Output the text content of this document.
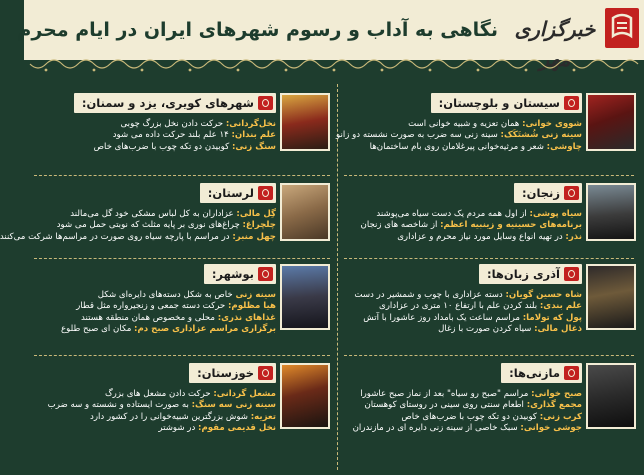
خبرگزاری مهر
نگاهی به آداب و رسوم شهرهای ایران در ایام محرم
سیستان و بلوچستان:
شووی خوانی: همان تعزیه و شبیه خوانی است
سینه زنی شُشتَکَک: سینه زنی سه ضرب به صورت نشسته دو زانو
چاوشی: شعر و مرثیه‌خوانی پیرغلامان روی بام ساختمان‌ها
شهرهای کویری، یزد و سمنان:
نخل‌گردانی: حرکت دادن نخل بزرگ چوبی
علم بندان: ۱۴ علم بلند حرکت داده می شود
سنگ زنی: کوبیدن دو تکه چوب با ضرب‌های خاص
زنجان:
سیاه پوشی: از اول همه مردم یک دست سیاه می‌پوشند
برنامه‌های حسینیه و زینبیه اعظم: از شاخصه های زنجان
نذر: در تهیه انواع وسایل مورد نیاز محرم و عزاداری
لرستان:
گِل مالی: عزاداران به کل لباس مشکی خود گل می‌مالند
چلچراغ: چراغ‌های نوری بر پایه مثلث که نوبتی حمل می شود
چهل منبر: در مراسم با پارچه سیاه روی صورت در مراسم‌ها شرکت می‌کنند
آذری زبان‌ها:
شاه حسین گویان: دسته عزاداری با چوب و شمشیر در دست
علم بندی: بلند کردن علم با ارتفاع ۱۰ متری در عزاداری
پول که تولاما: مراسم ساعت یک بامداد روز عاشورا با آتش
ذغال مالی: سیاه کردن صورت با زغال
بوشهر:
سینه زنی خاص به شکل دسته‌های دایره‌ای شکل
هیا مظلوم: حرکت دسته جمعی و زنجیرواره مثل قطار
غذاهای نذری: محلی و مخصوص همان منطقه هستند
برگزاری مراسم عزاداری صبح دم: مکان ای صبح طلوع
مازنی‌ها:
صبح خوانی: مراسم "صبح رو سیاه" بعد از نماز صبح عاشورا
مجمع گذاری: اطعام سنتی روی سینی در روستای کوهستان
کرب زنی: کوبیدن دو تکه چوب با ضرب‌های خاص
جوشی خوانی: سبک خاصی از سینه زنی دایره ای در مازندران
خوزستان:
مشعل گردانی: حرکت دادن مشعل های بزرگ
سینه زنی سه سنگ: به صورت ایستاده و نشسته و سه ضرب
تعزیه: شوش بزرگترین شبیه‌خوانی را در کشور دارد
نخل قدیمی مقوم: در شوشتر
